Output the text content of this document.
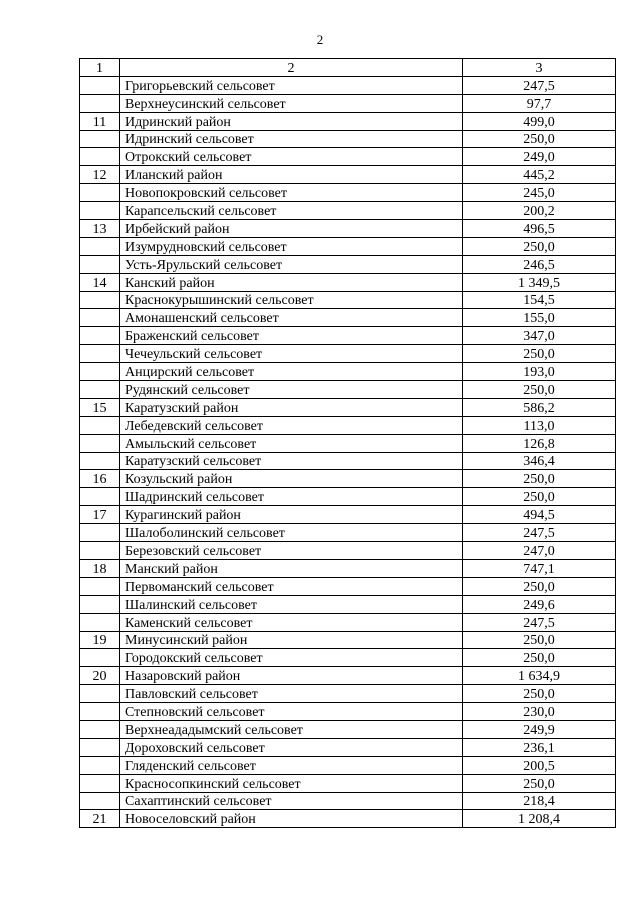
2
1	2	3
	Григорьевский сельсовет	247,5
	Верхнеусинский сельсовет	97,7
11	Идринский район	499,0
	Идринский сельсовет	250,0
	Отрокский сельсовет	249,0
12	Иланский район	445,2
	Новопокровский сельсовет	245,0
	Карапсельский сельсовет	200,2
13	Ирбейский район	496,5
	Изумрудновский сельсовет	250,0
	Усть-Ярульский сельсовет	246,5
14	Канский район	1 349,5
	Краснокурышинский сельсовет	154,5
	Амонашенский сельсовет	155,0
	Браженский сельсовет	347,0
	Чечеульский сельсовет	250,0
	Анцирский сельсовет	193,0
	Рудянский сельсовет	250,0
15	Каратузский район	586,2
	Лебедевский сельсовет	113,0
	Амыльский сельсовет	126,8
	Каратузский сельсовет	346,4
16	Козульский район	250,0
	Шадринский сельсовет	250,0
17	Курагинский район	494,5
	Шалоболинский сельсовет	247,5
	Березовский сельсовет	247,0
18	Манский район	747,1
	Первоманский сельсовет	250,0
	Шалинский сельсовет	249,6
	Каменский сельсовет	247,5
19	Минусинский район	250,0
	Городокский сельсовет	250,0
20	Назаровский район	1 634,9
	Павловский сельсовет	250,0
	Степновский сельсовет	230,0
	Верхнеададымский сельсовет	249,9
	Дороховский сельсовет	236,1
	Гляденский сельсовет	200,5
	Красносопкинский сельсовет	250,0
	Сахаптинский сельсовет	218,4
21	Новоселовский район	1 208,4
